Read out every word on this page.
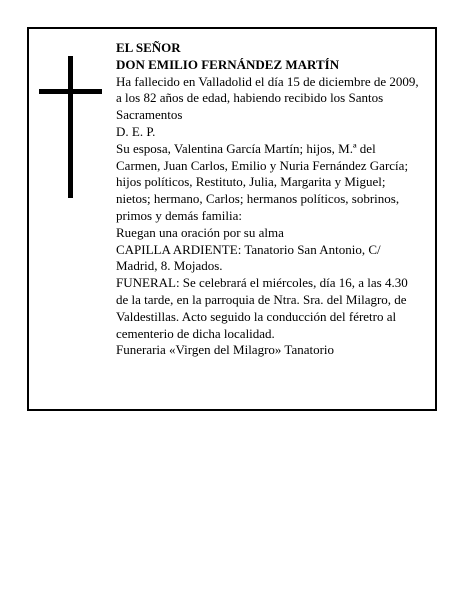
EL SEÑOR
DON EMILIO FERNÁNDEZ MARTÍN
Ha fallecido en Valladolid el día 15 de diciembre de 2009, a los 82 años de edad, habiendo recibido los Santos Sacramentos
D. E. P.
Su esposa, Valentina García Martín; hijos, M.ª del Carmen, Juan Carlos, Emilio y Nuria Fernández García; hijos políticos, Restituto, Julia, Margarita y Miguel; nietos; hermano, Carlos; hermanos políticos, sobrinos, primos y demás familia:
Ruegan una oración por su alma
CAPILLA ARDIENTE: Tanatorio San Antonio, C/ Madrid, 8. Mojados.
FUNERAL: Se celebrará el miércoles, día 16, a las 4.30 de la tarde, en la parroquia de Ntra. Sra. del Milagro, de Valdestillas. Acto seguido la conducción del féretro al cementerio de dicha localidad.
Funeraria «Virgen del Milagro» Tanatorio
